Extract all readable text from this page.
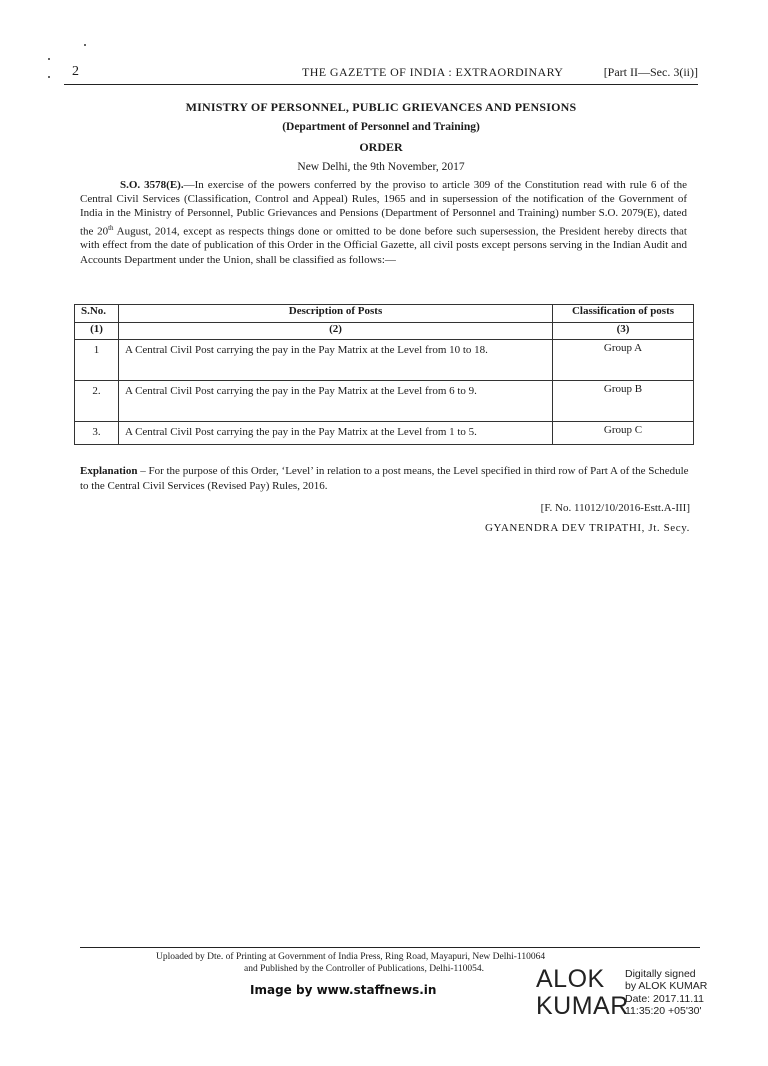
2	THE GAZETTE OF INDIA : EXTRAORDINARY	[Part II—Sec. 3(ii)]
MINISTRY OF PERSONNEL, PUBLIC GRIEVANCES AND PENSIONS
(Department of Personnel and Training)
ORDER
New Delhi, the 9th November, 2017
S.O. 3578(E).—In exercise of the powers conferred by the proviso to article 309 of the Constitution read with rule 6 of the Central Civil Services (Classification, Control and Appeal) Rules, 1965 and in supersession of the notification of the Government of India in the Ministry of Personnel, Public Grievances and Pensions (Department of Personnel and Training) number S.O. 2079(E), dated the 20th August, 2014, except as respects things done or omitted to be done before such supersession, the President hereby directs that with effect from the date of publication of this Order in the Official Gazette, all civil posts except persons serving in the Indian Audit and Accounts Department under the Union, shall be classified as follows:—
S.No.	Description of Posts	Classification of posts
(1)	(2)	(3)
1	A Central Civil Post carrying the pay in the Pay Matrix at the Level from 10 to 18.	Group A
2.	A Central Civil Post carrying the pay in the Pay Matrix at the Level from 6 to 9.	Group B
3.	A Central Civil Post carrying the pay in the Pay Matrix at the Level from 1 to 5.	Group C
Explanation – For the purpose of this Order, ‘Level’ in relation to a post means, the Level specified in third row of Part A of the Schedule to the Central Civil Services (Revised Pay) Rules, 2016.
[F. No. 11012/10/2016-Estt.A-III]
GYANENDRA DEV TRIPATHI, Jt. Secy.
Uploaded by Dte. of Printing at Government of India Press, Ring Road, Mayapuri, New Delhi-110064
and Published by the Controller of Publications, Delhi-110054.
Image by www.staffnews.in	ALOK
KUMAR
Digitally signed
by ALOK KUMAR
Date: 2017.11.11
11:35:20 +05'30'
